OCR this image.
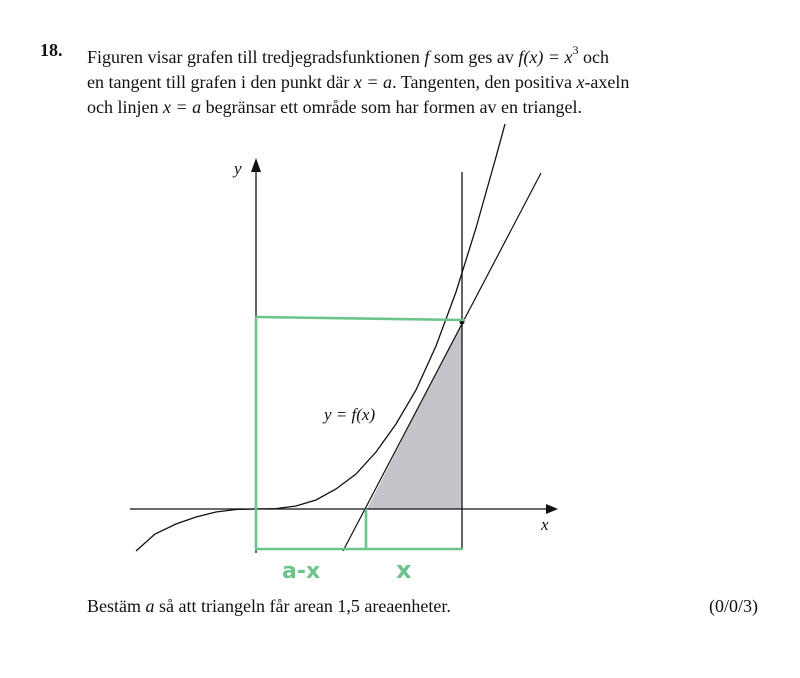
18. Figuren visar grafen till tredjegradsfunktionen f som ges av $f(x) = x^3$ och
en tangent till grafen i den punkt där x = a. Tangenten, den positiva x-axeln
och linjen x = a begränsar ett område som har formen av en triangel.
y
x
y = f(x)
a-x	x
Bestäm a så att triangeln får arean 1,5 areaenheter.	(0/0/3)
